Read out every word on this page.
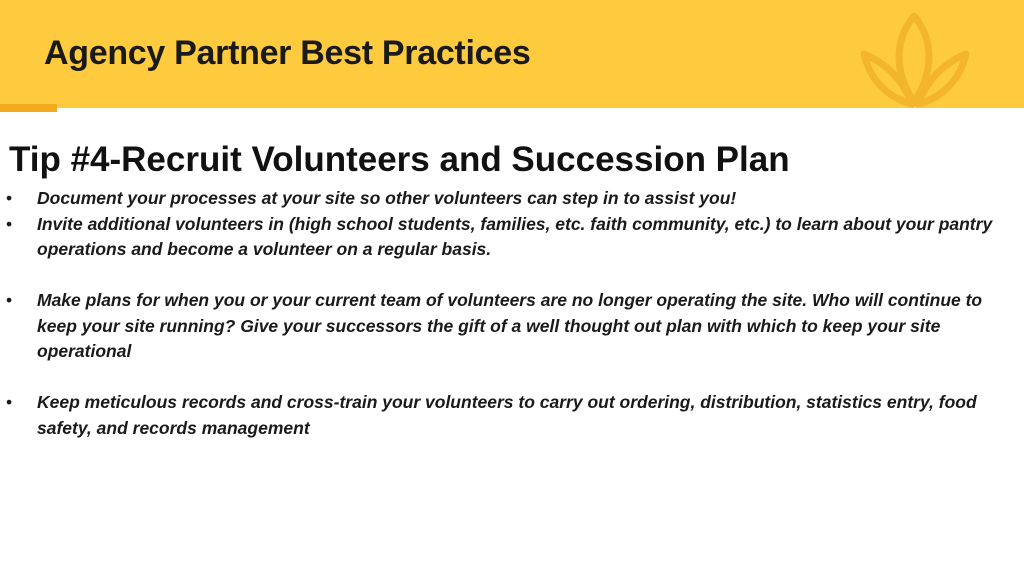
Agency Partner Best Practices
Tip #4-Recruit Volunteers and Succession Plan
• Document your processes at your site so other volunteers can step in to assist you!
• Invite additional volunteers in (high school students, families, etc. faith community, etc.) to learn about your pantry operations and become a volunteer on a regular basis.
• Make plans for when you or your current team of volunteers are no longer operating the site. Who will continue to keep your site running? Give your successors the gift of a well thought out plan with which to keep your site operational
• Keep meticulous records and cross-train your volunteers to carry out ordering, distribution, statistics entry, food safety, and records management
